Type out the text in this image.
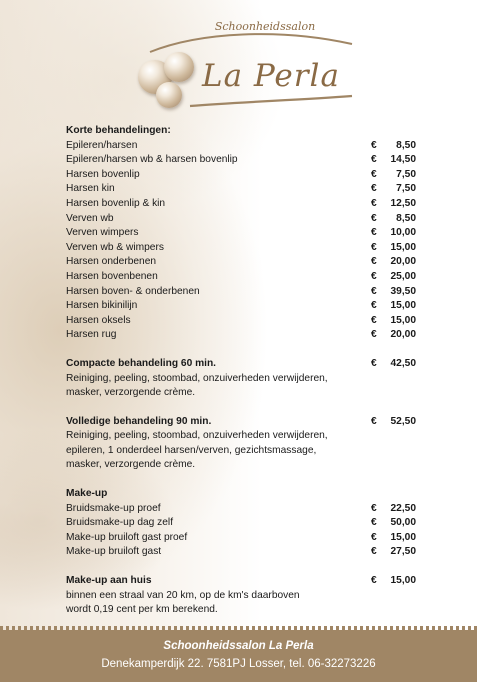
Schoonheidssalon
La Perla
Korte behandelingen:
Epileren/harsen	€ 8,50
Epileren/harsen wb & harsen bovenlip	€ 14,50
Harsen bovenlip	€ 7,50
Harsen kin	€ 7,50
Harsen bovenlip & kin	€ 12,50
Verven wb	€ 8,50
Verven wimpers	€ 10,00
Verven wb & wimpers	€ 15,00
Harsen onderbenen	€ 20,00
Harsen bovenbenen	€ 25,00
Harsen boven- & onderbenen	€ 39,50
Harsen bikinilijn	€ 15,00
Harsen oksels	€ 15,00
Harsen rug	€ 20,00
Compacte behandeling 60 min.	€ 42,50
Reiniging, peeling, stoombad, onzuiverheden verwijderen,
masker, verzorgende crème.
Volledige behandeling 90 min.	€ 52,50
Reiniging, peeling, stoombad, onzuiverheden verwijderen,
epileren, 1 onderdeel harsen/verven, gezichtsmassage,
masker, verzorgende crème.
Make-up
Bruidsmake-up proef	€ 22,50
Bruidsmake-up dag zelf	€ 50,00
Make-up bruiloft gast proef	€ 15,00
Make-up bruiloft gast	€ 27,50
Make-up aan huis	€ 15,00
binnen een straal van 20 km, op de km's daarboven
wordt 0,19 cent per km berekend.
Schoonheidssalon La Perla
Denekamperdijk 22. 7581PJ Losser, tel. 06-32273226
